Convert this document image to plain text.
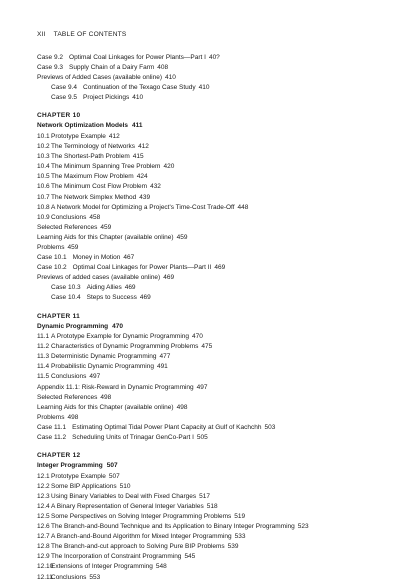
XII TABLE OF CONTENTS
Case 9.2 Optimal Coal Linkages for Power Plants—Part I 40?
Case 9.3 Supply Chain of a Dairy Farm 408
Previews of Added Cases (available online) 410
Case 9.4 Continuation of the Texago Case Study 410
Case 9.5 Project Pickings 410
CHAPTER 10
Network Optimization Models 411
10.1Prototype Example 412
10.2The Terminology of Networks 412
10.3The Shortest-Path Problem 415
10.4The Minimum Spanning Tree Problem 420
10.5The Maximum Flow Problem 424
10.6The Minimum Cost Flow Problem 432
10.7The Network Simplex Method 439
10.8A Network Model for Optimizing a Project's Time-Cost Trade-Off 448
10.9Conclusions 458
Selected References 459
Learning Aids for this Chapter (available online) 459
Problems 459
Case 10.1 Money in Motion 467
Case 10.2 Optimal Coal Linkages for Power Plants—Part II 469
Previews of added cases (available online) 469
Case 10.3 Aiding Allies 469
Case 10.4 Steps to Success 469
CHAPTER 11
Dynamic Programming 470
11.1 A Prototype Example for Dynamic Programming 470
11.2 Characteristics of Dynamic Programming Problems 475
11.3 Deterministic Dynamic Programming 477
11.4 Probabilistic Dynamic Programming 491
11.5 Conclusions 497
Appendix 11.1: Risk-Reward in Dynamic Programming 497
Selected References 498
Learning Aids for this Chapter (available online) 498
Problems 498
Case 11.1 Estimating Optimal Tidal Power Plant Capacity at Gulf of Kachchh 503
Case 11.2 Scheduling Units of Trinagar GenCo-Part I 505
CHAPTER 12
Integer Programming 507
12.1Prototype Example 507
12.2Some BIP Applications 510
12.3Using Binary Variables to Deal with Fixed Charges 517
12.4A Binary Representation of General Integer Variables 518
12.5Some Perspectives on Solving Integer Programming Problems 519
12.6The Branch-and-Bound Technique and Its Application to Binary Integer Programming 523
12.7A Branch-and-Bound Algorithm for Mixed Integer Programming 533
12.8The Branch-and-cut approach to Solving Pure BIP Problems 539
12.9The Incorporation of Constraint Programming 545
12.10Extensions of Integer Programming 548
12.11Conclusions 553
